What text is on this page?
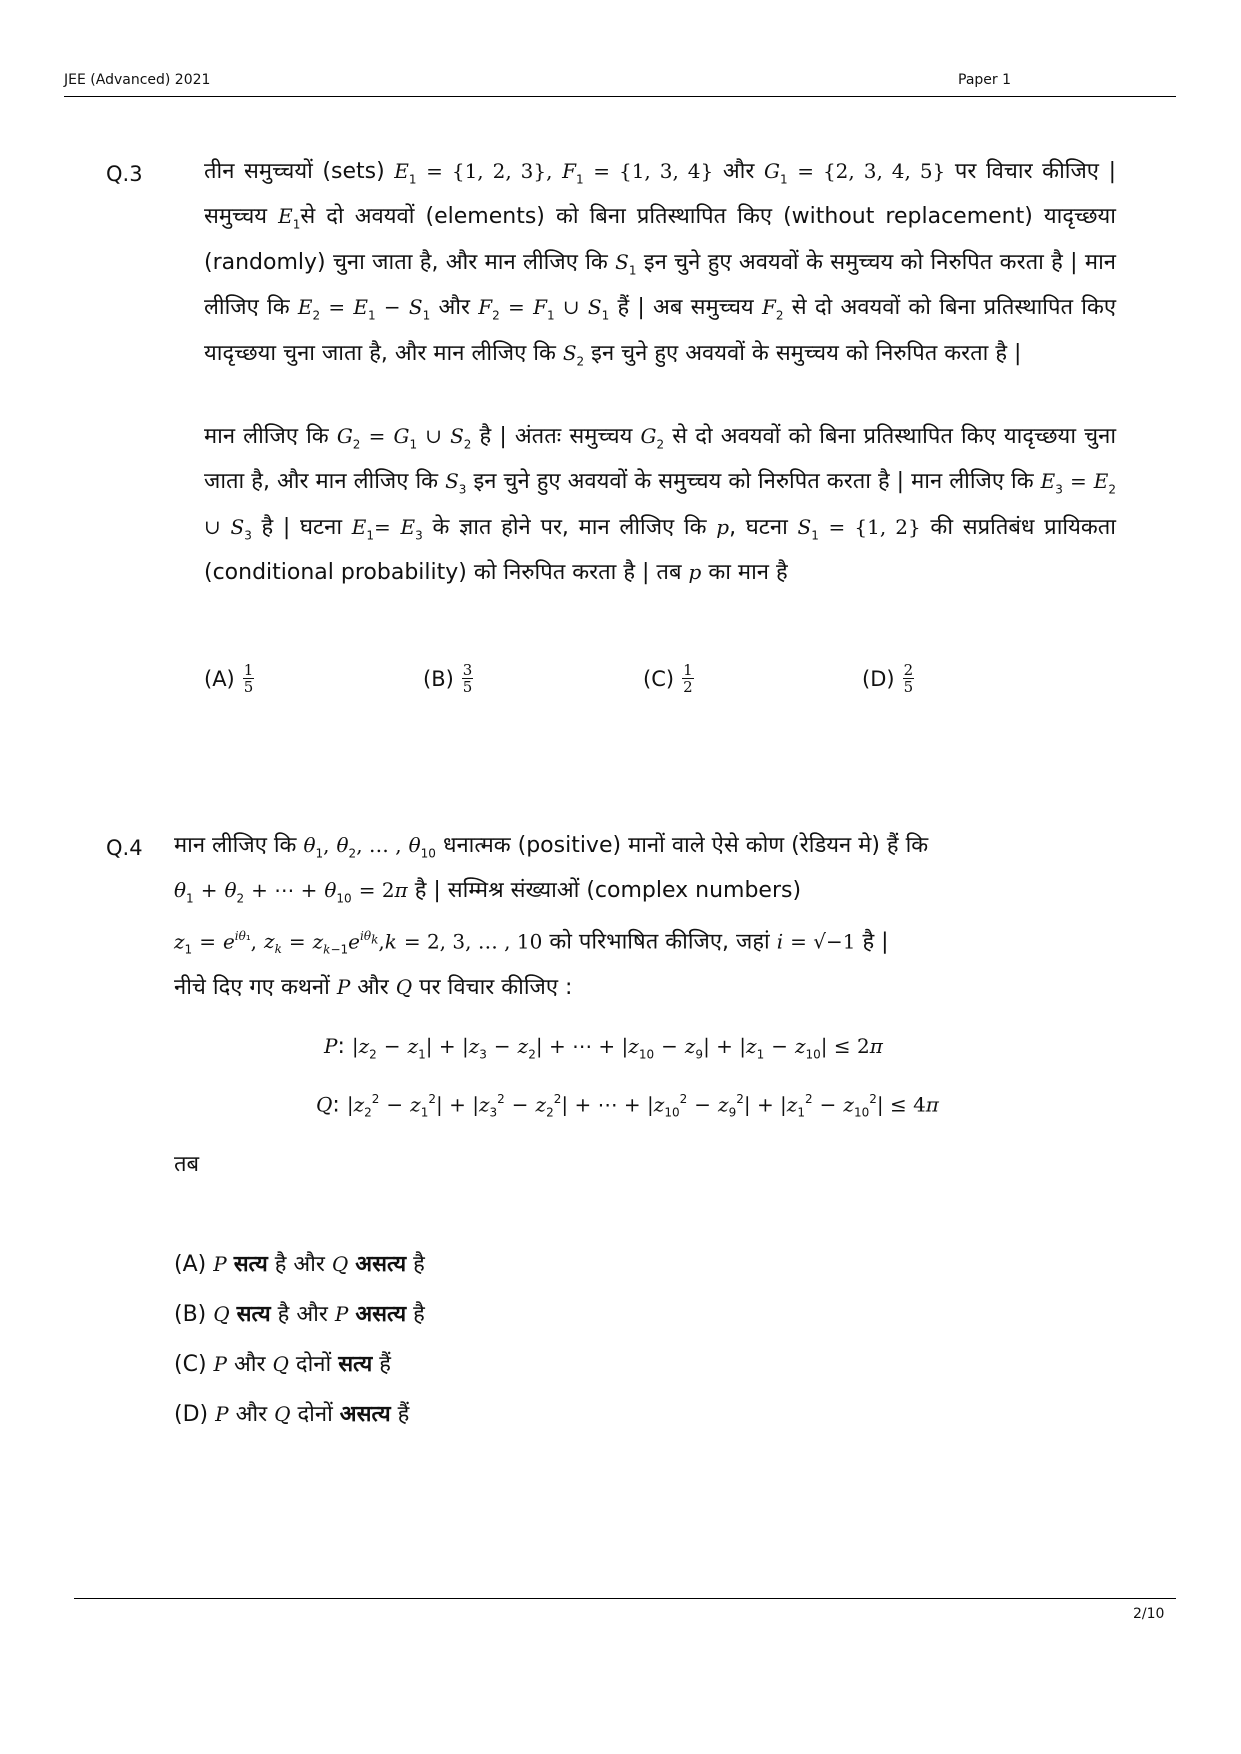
JEE (Advanced) 2021	Paper 1
Q.3	तीन समुच्चयों (sets) $E_1 = \{1$, 2, 3}, $F_1 = \{1$, 3, 4} और $G_1 = \{2$, 3, 4, 5} पर विचार कीजिए | समुच्चय $E_1से$ दो अवयवों (elements) को बिना प्रतिस्थापित किए (without replacement) यादृच्छया (randomly) चुना जाता है, और मान लीजिए कि $S_1$ इन चुने हुए अवयवों के समुच्चय को निरुपित करता है | मान लीजिए कि $E_2 = E_1 - S_1$ और $F_2 = F_1$ ∪ $S_1$ हैं | अब समुच्चय $F_2$ से दो अवयवों को बिना प्रतिस्थापित किए यादृच्छया चुना जाता है, और मान लीजिए कि $S_2$ इन चुने हुए अवयवों के समुच्चय को निरुपित करता है |
मान लीजिए कि $G_2 = G_1$ ∪ $S_2$ है | अंततः समुच्चय $G_2$ से दो अवयवों को बिना प्रतिस्थापित किए यादृच्छया चुना जाता है, और मान लीजिए कि $S_3$ इन चुने हुए अवयवों के समुच्चय को निरुपित करता है | मान लीजिए कि $E_3 = E_2$ ∪ $S_3$ है | घटना $E_1= E_3$ के ज्ञात होने पर, मान लीजिए कि p, घटना $S_1 = \{1$, 2} की सप्रतिबंध प्रायिकता (conditional probability) को निरुपित करता है | तब p का मान है
$(A) \frac{1}{5}$	$(B) \frac{3}{5}$	$(C) \frac{1}{2}$	$(D) \frac{2}{5}$
Q.4 मान लीजिए कि $\theta_1$, $\theta_2$, … , $\theta_{10}$ धनात्मक (positive) मानों वाले ऐसे कोण (रेडियन मे) हैं कि
$\theta_1 + \theta_2$ + ⋯ + $\theta_{10} = 2\pi$ है | सम्मिश्र संख्याओं (complex numbers)
$z_1 = e^{i\theta_1}$, $z_k = z_{k-1}e^{i\theta_k},k = 2$, 3, … , 10 को परिभाषित कीजिए, जहां i = √−1 है |
नीचे दिए गए कथनों P और Q पर विचार कीजिए :
P: $|z_2 - z_1| + |z_3 - z_2|$ + ⋯ + $|z_{10} - z_9| + |z_1 - z_{10}| \le 2\pi$
Q: $|z_2^2 - z_1^2| + |z_3^2 - z_2^2|$ + ⋯ + $|z_{10}^2 - z_9^2| + |z_1^2 - z_{10}^2| \le 4\pi$
तब
(A) P सत्य है और Q असत्य है
(B) Q सत्य है और P असत्य है
(C) P और Q दोनों सत्य हैं
(D) P और Q दोनों असत्य हैं
2/10
